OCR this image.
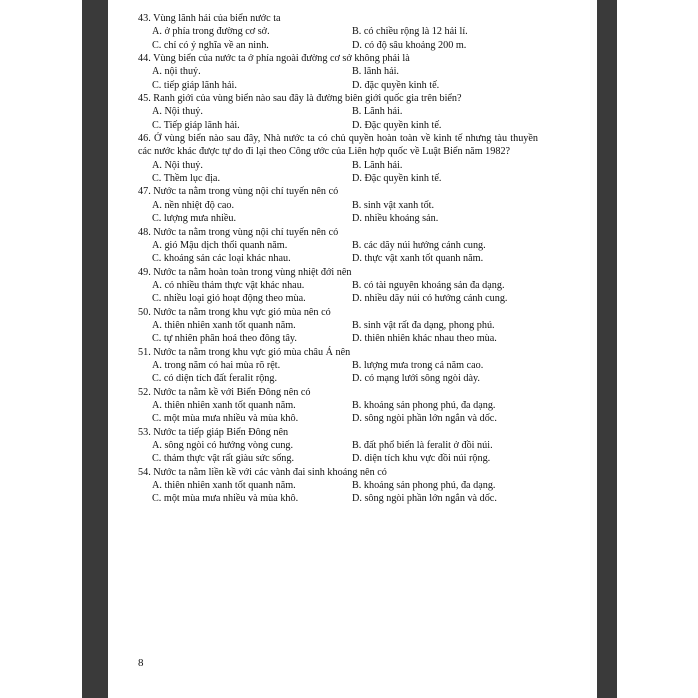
43. Vùng lãnh hải của biển nước ta
A. ở phía trong đường cơ sở.	B. có chiều rộng là 12 hải lí.
C. chỉ có ý nghĩa về an ninh.	D. có độ sâu khoảng 200 m.
44. Vùng biển của nước ta ở phía ngoài đường cơ sở không phải là
A. nội thuỷ.	B. lãnh hải.
C. tiếp giáp lãnh hải.	D. đặc quyền kinh tế.
45. Ranh giới của vùng biển nào sau đây là đường biên giới quốc gia trên biển?
A. Nội thuỷ.	B. Lãnh hải.
C. Tiếp giáp lãnh hải.	D. Đặc quyền kinh tế.
46. Ở vùng biển nào sau đây, Nhà nước ta có chủ quyền hoàn toàn về kinh tế nhưng tàu thuyền các nước khác được tự do đi lại theo Công ước của Liên hợp quốc về Luật Biển năm 1982?
A. Nội thuỷ.	B. Lãnh hải.
C. Thềm lục địa.	D. Đặc quyền kinh tế.
47. Nước ta nằm trong vùng nội chí tuyến nên có
A. nền nhiệt độ cao.	B. sinh vật xanh tốt.
C. lượng mưa nhiều.	D. nhiều khoáng sản.
48. Nước ta nằm trong vùng nội chí tuyến nên có
A. gió Mậu dịch thổi quanh năm.	B. các dãy núi hướng cánh cung.
C. khoáng sản các loại khác nhau.	D. thực vật xanh tốt quanh năm.
49. Nước ta nằm hoàn toàn trong vùng nhiệt đới nên
A. có nhiều thảm thực vật khác nhau.	B. có tài nguyên khoáng sản đa dạng.
C. nhiều loại gió hoạt động theo mùa.	D. nhiều dãy núi có hướng cánh cung.
50. Nước ta nằm trong khu vực gió mùa nên có
A. thiên nhiên xanh tốt quanh năm.	B. sinh vật rất đa dạng, phong phú.
C. tự nhiên phân hoá theo đông tây.	D. thiên nhiên khác nhau theo mùa.
51. Nước ta nằm trong khu vực gió mùa châu Á nên
A. trong năm có hai mùa rõ rệt.	B. lượng mưa trong cả năm cao.
C. có diện tích đất feralit rộng.	D. có mạng lưới sông ngòi dày.
52. Nước ta nằm kề với Biển Đông nên có
A. thiên nhiên xanh tốt quanh năm.	B. khoáng sản phong phú, đa dạng.
C. một mùa mưa nhiều và mùa khô.	D. sông ngòi phần lớn ngắn và dốc.
53. Nước ta tiếp giáp Biển Đông nên
A. sông ngòi có hướng vòng cung.	B. đất phổ biến là feralit ở đồi núi.
C. thảm thực vật rất giàu sức sống.	D. diện tích khu vực đồi núi rộng.
54. Nước ta nằm liền kề với các vành đai sinh khoáng nên có
A. thiên nhiên xanh tốt quanh năm.	B. khoáng sản phong phú, đa dạng.
C. một mùa mưa nhiều và mùa khô.	D. sông ngòi phần lớn ngắn và dốc.
8
